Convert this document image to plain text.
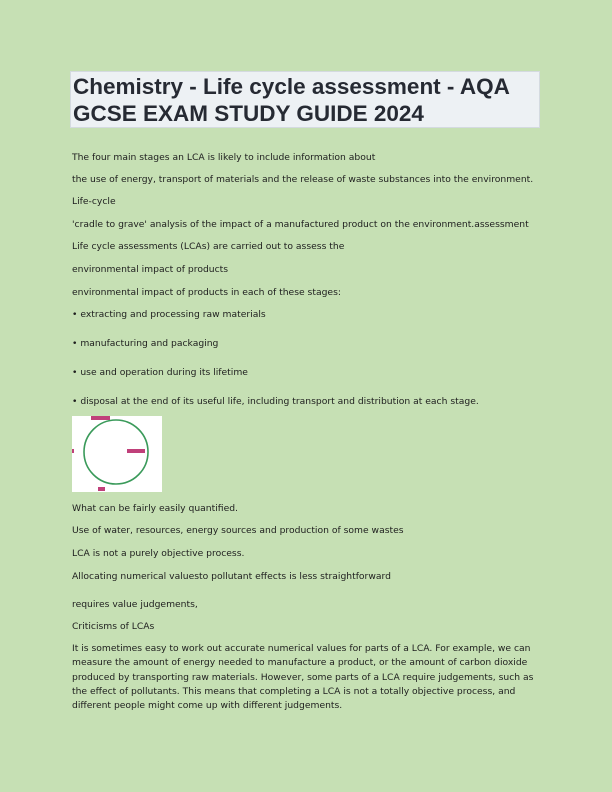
Chemistry - Life cycle assessment - AQA
GCSE EXAM STUDY GUIDE 2024
The four main stages an LCA is likely to include information about
the use of energy, transport of materials and the release of waste substances into the environment.
Life-cycle
'cradle to grave' analysis of the impact of a manufactured product on the environment.assessment
Life cycle assessments (LCAs) are carried out to assess the
environmental impact of products
environmental impact of products in each of these stages:
• extracting and processing raw materials
• manufacturing and packaging
• use and operation during its lifetime
• disposal at the end of its useful life, including transport and distribution at each stage.
What can be fairly easily quantified.
Use of water, resources, energy sources and production of some wastes
LCA is not a purely objective process.
Allocating numerical valuesto pollutant effects is less straightforward
requires value judgements,
Criticisms of LCAs
It is sometimes easy to work out accurate numerical values for parts of a LCA. For example, we can measure the amount of energy needed to manufacture a product, or the amount of carbon dioxide produced by transporting raw materials. However, some parts of a LCA require judgements, such as the effect of pollutants. This means that completing a LCA is not a totally objective process, and different people might come up with different judgements.
